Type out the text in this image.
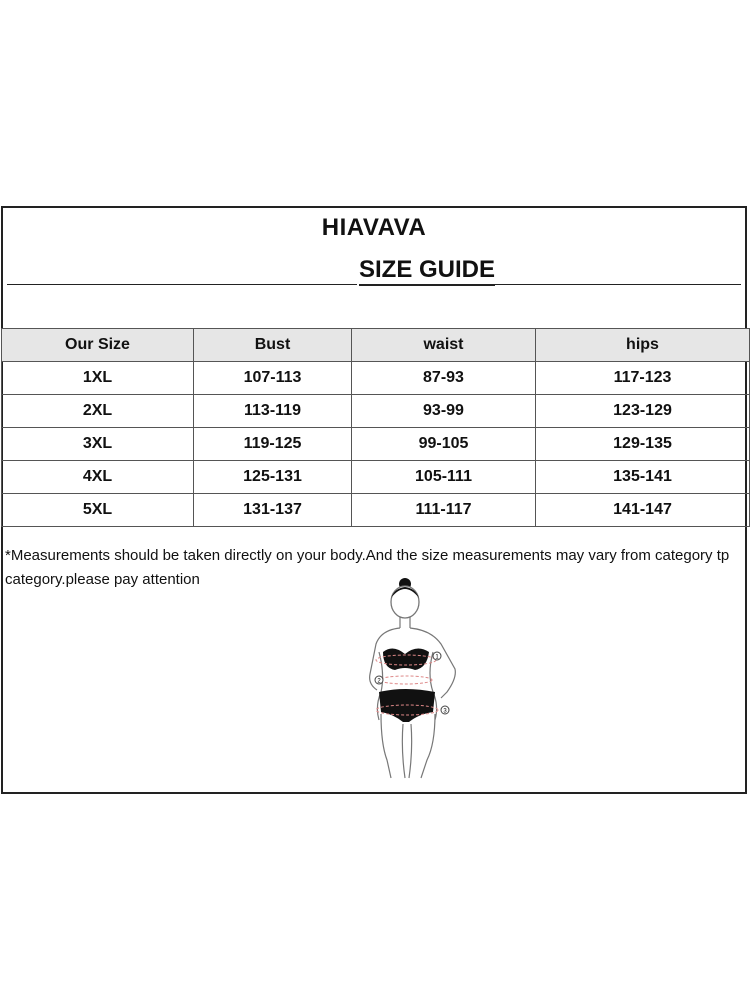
HIAVAVA
SIZE GUIDE
Our Size	Bust	waist	hips
1XL	107-113	87-93	117-123
2XL	113-119	93-99	123-129
3XL	119-125	99-105	129-135
4XL	125-131	105-111	135-141
5XL	131-137	111-117	141-147
*Measurements should be taken directly on your body.And the size measurements may vary from category tp category.please pay attention
1
2
3
